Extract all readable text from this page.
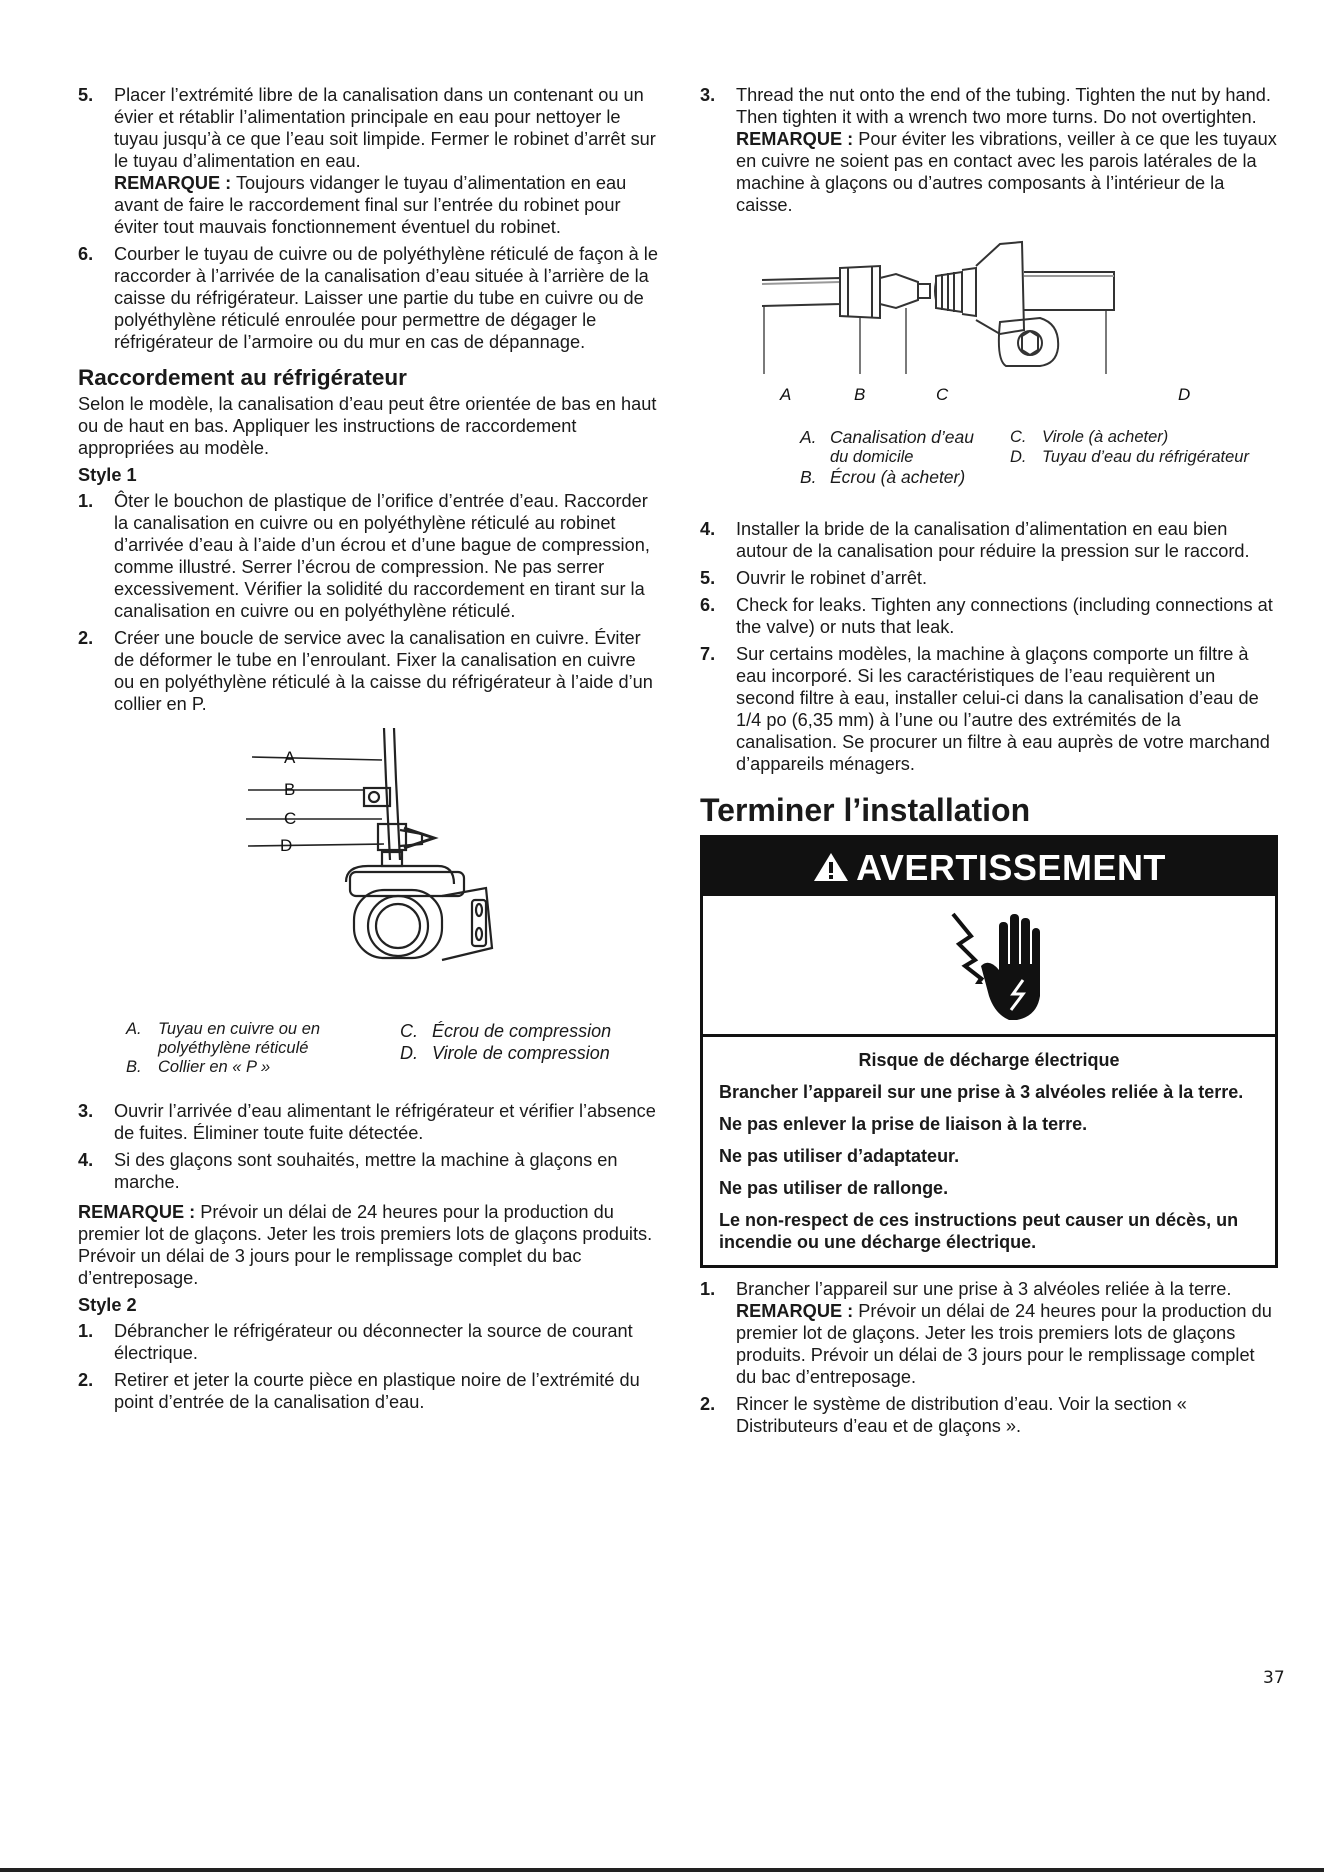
5. Placer l’extrémité libre de la canalisation dans un contenant ou un évier et rétablir l’alimentation principale en eau pour nettoyer le tuyau jusqu’à ce que l’eau soit limpide. Fermer le robinet d’arrêt sur le tuyau d’alimentation en eau.

REMARQUE : Toujours vidanger le tuyau d’alimentation en eau avant de faire le raccordement final sur l’entrée du robinet pour éviter tout mauvais fonctionnement éventuel du robinet.

6. Courber le tuyau de cuivre ou de polyéthylène réticulé de façon à le raccorder à l’arrivée de la canalisation d’eau située à l’arrière de la caisse du réfrigérateur. Laisser une partie du tube en cuivre ou de polyéthylène réticulé enroulée pour permettre de dégager le réfrigérateur de l’armoire ou du mur en cas de dépannage.

Raccordement au réfrigérateur

Selon le modèle, la canalisation d’eau peut être orientée de bas en haut ou de haut en bas. Appliquer les instructions de raccordement appropriées au modèle.

Style 1
1. Ôter le bouchon de plastique de l’orifice d’entrée d’eau. Raccorder la canalisation en cuivre ou en polyéthylène réticulé au robinet d’arrivée d’eau à l’aide d’un écrou et d’une bague de compression, comme illustré. Serrer l’écrou de compression. Ne pas serrer excessivement. Vérifier la solidité du raccordement en tirant sur la canalisation en cuivre ou en polyéthylène réticulé.

2. Créer une boucle de service avec la canalisation en cuivre. Éviter de déformer le tube en l’enroulant. Fixer la canalisation en cuivre ou en polyéthylène réticulé à la caisse du réfrigérateur à l’aide d’un collier en P.

A
B
C
D
A. Tuyau en cuivre ou en
polyéthylène réticulé
B. Collier en « P »
C. Écrou de compression
D. Virole de compression
3. Ouvrir l’arrivée d’eau alimentant le réfrigérateur et vérifier l’absence de fuites. Éliminer toute fuite détectée.

4. Si des glaçons sont souhaités, mettre la machine à glaçons en marche.

REMARQUE : Prévoir un délai de 24 heures pour la production du premier lot de glaçons. Jeter les trois premiers lots de glaçons produits. Prévoir un délai de 3 jours pour le remplissage complet du bac d’entreposage.

Style 2
1. Débrancher le réfrigérateur ou déconnecter la source de courant électrique.

2. Retirer et jeter la courte pièce en plastique noire de l’extrémité du point d’entrée de la canalisation d’eau.

3. Thread the nut onto the end of the tubing. Tighten the nut by hand. Then tighten it with a wrench two more turns. Do not overtighten.

REMARQUE : Pour éviter les vibrations, veiller à ce que les tuyaux en cuivre ne soient pas en contact avec les parois latérales de la machine à glaçons ou d’autres composants à l’intérieur de la caisse.

A	B	C	D
A. Canalisation d’eau
du domicile
B. Écrou (à acheter)
C. Virole (à acheter)
D. Tuyau d’eau du réfrigérateur
4. Installer la bride de la canalisation d’alimentation en eau bien autour de la canalisation pour réduire la pression sur le raccord.

5. Ouvrir le robinet d’arrêt.

6. Check for leaks. Tighten any connections (including connections at the valve) or nuts that leak.

7. Sur certains modèles, la machine à glaçons comporte un filtre à eau incorporé. Si les caractéristiques de l’eau requièrent un second filtre à eau, installer celui-ci dans la canalisation d’eau de 1/4 po (6,35 mm) à l’une ou l’autre des extrémités de la canalisation. Se procurer un filtre à eau auprès de votre marchand d’appareils ménagers.

Terminer l’installation
AVERTISSEMENT
Risque de décharge électrique

Brancher l’appareil sur une prise à 3 alvéoles reliée à la terre.

Ne pas enlever la prise de liaison à la terre.

Ne pas utiliser d’adaptateur.

Ne pas utiliser de rallonge.

Le non-respect de ces instructions peut causer un décès, un incendie ou une décharge électrique.

1. Brancher l’appareil sur une prise à 3 alvéoles reliée à la terre.

REMARQUE : Prévoir un délai de 24 heures pour la production du premier lot de glaçons. Jeter les trois premiers lots de glaçons produits. Prévoir un délai de 3 jours pour le remplissage complet du bac d’entreposage.

2. Rincer le système de distribution d’eau. Voir la section « Distributeurs d’eau et de glaçons ».

37
